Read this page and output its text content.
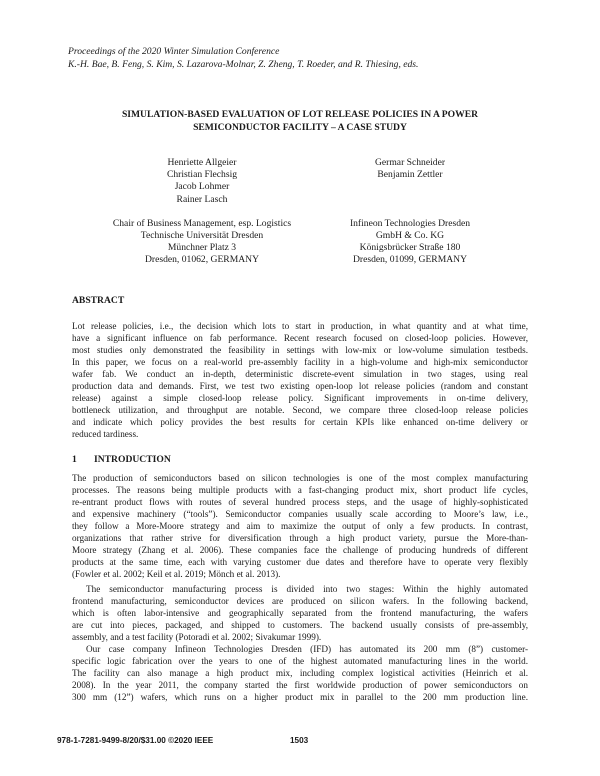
Proceedings of the 2020 Winter Simulation Conference
K.-H. Bae, B. Feng, S. Kim, S. Lazarova-Molnar, Z. Zheng, T. Roeder, and R. Thiesing, eds.
SIMULATION-BASED EVALUATION OF LOT RELEASE POLICIES IN A POWER
SEMICONDUCTOR FACILITY – A CASE STUDY
Henriette Allgeier
Christian Flechsig
Jacob Lohmer
Rainer Lasch
Chair of Business Management, esp. Logistics
Technische Universität Dresden
Münchner Platz 3
Dresden, 01062, GERMANY
Germar Schneider
Benjamin Zettler
Infineon Technologies Dresden
GmbH & Co. KG
Königsbrücker Straße 180
Dresden, 01099, GERMANY
ABSTRACT
Lot release policies, i.e., the decision which lots to start in production, in what quantity and at what time,
have a significant influence on fab performance. Recent research focused on closed-loop policies. However,
most studies only demonstrated the feasibility in settings with low-mix or low-volume simulation testbeds.
In this paper, we focus on a real-world pre-assembly facility in a high-volume and high-mix semiconductor
wafer fab. We conduct an in-depth, deterministic discrete-event simulation in two stages, using real
production data and demands. First, we test two existing open-loop lot release policies (random and constant
release) against a simple closed-loop release policy. Significant improvements in on-time delivery,
bottleneck utilization, and throughput are notable. Second, we compare three closed-loop release policies
and indicate which policy provides the best results for certain KPIs like enhanced on-time delivery or
reduced tardiness.
1 INTRODUCTION
The production of semiconductors based on silicon technologies is one of the most complex manufacturing
processes. The reasons being multiple products with a fast-changing product mix, short product life cycles,
re-entrant product flows with routes of several hundred process steps, and the usage of highly-sophisticated
and expensive machinery (“tools”). Semiconductor companies usually scale according to Moore’s law, i.e.,
they follow a More-Moore strategy and aim to maximize the output of only a few products. In contrast,
organizations that rather strive for diversification through a high product variety, pursue the More-than-
Moore strategy (Zhang et al. 2006). These companies face the challenge of producing hundreds of different
products at the same time, each with varying customer due dates and therefore have to operate very flexibly
(Fowler et al. 2002; Keil et al. 2019; Mönch et al. 2013).
The semiconductor manufacturing process is divided into two stages: Within the highly automated
frontend manufacturing, semiconductor devices are produced on silicon wafers. In the following backend,
which is often labor-intensive and geographically separated from the frontend manufacturing, the wafers
are cut into pieces, packaged, and shipped to customers. The backend usually consists of pre-assembly,
assembly, and a test facility (Potoradi et al. 2002; Sivakumar 1999).
Our case company Infineon Technologies Dresden (IFD) has automated its 200 mm (8”) customer-
specific logic fabrication over the years to one of the highest automated manufacturing lines in the world.
The facility can also manage a high product mix, including complex logistical activities (Heinrich et al.
2008). In the year 2011, the company started the first worldwide production of power semiconductors on
300 mm (12”) wafers, which runs on a higher product mix in parallel to the 200 mm production line.
978-1-7281-9499-8/20/$31.00 ©2020 IEEE	1503
